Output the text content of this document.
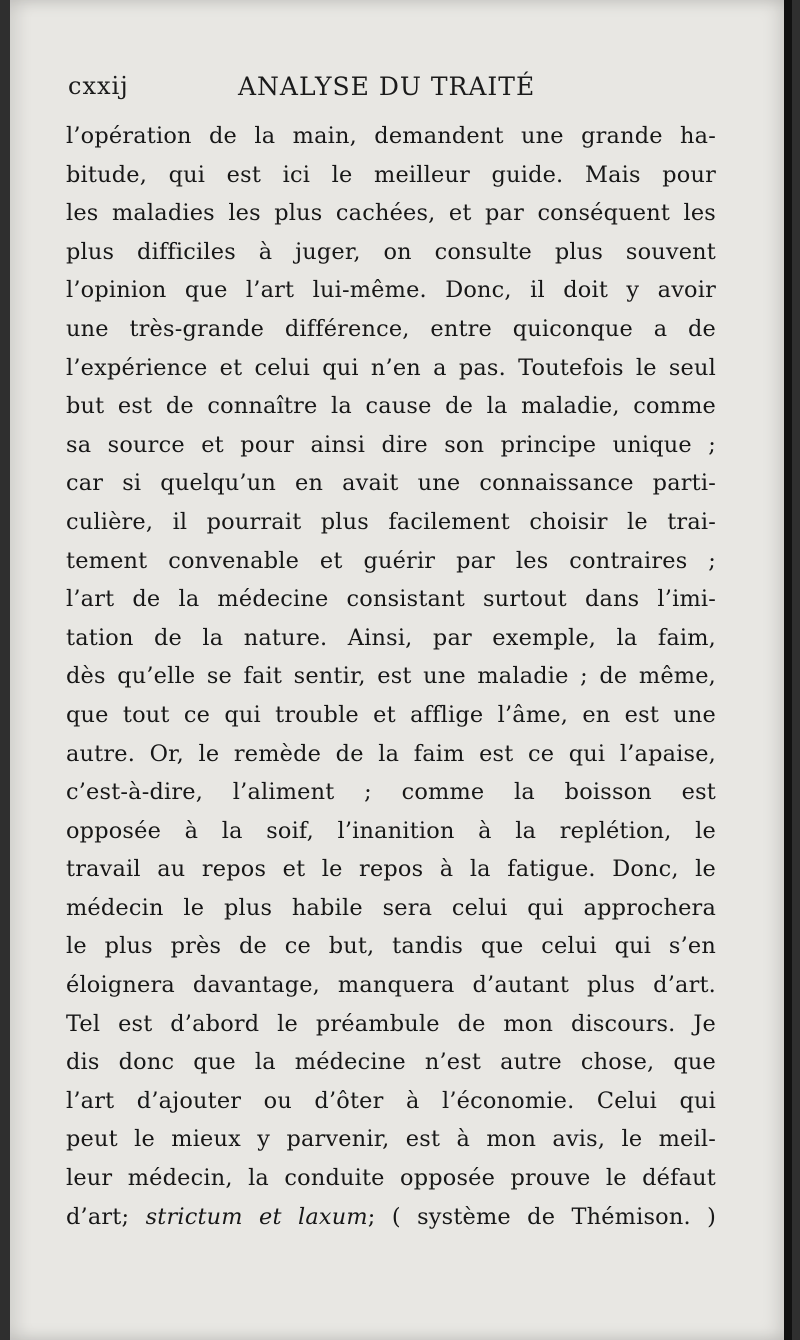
cxxij	ANALYSE DU TRAITÉ
l’opération de la main, demandent une grande ha-
bitude, qui est ici le meilleur guide. Mais pour
les maladies les plus cachées, et par conséquent les
plus difficiles à juger, on consulte plus souvent
l’opinion que l’art lui-même. Donc, il doit y avoir
une très-grande différence, entre quiconque a de
l’expérience et celui qui n’en a pas. Toutefois le seul
but est de connaître la cause de la maladie, comme
sa source et pour ainsi dire son principe unique ;
car si quelqu’un en avait une connaissance parti-
culière, il pourrait plus facilement choisir le trai-
tement convenable et guérir par les contraires ;
l’art de la médecine consistant surtout dans l’imi-
tation de la nature. Ainsi, par exemple, la faim,
dès qu’elle se fait sentir, est une maladie ; de même,
que tout ce qui trouble et afflige l’âme, en est une
autre. Or, le remède de la faim est ce qui l’apaise,
c’est-à-dire, l’aliment ; comme la boisson est
opposée à la soif, l’inanition à la replétion, le
travail au repos et le repos à la fatigue. Donc, le
médecin le plus habile sera celui qui approchera
le plus près de ce but, tandis que celui qui s’en
éloignera davantage, manquera d’autant plus d’art.
Tel est d’abord le préambule de mon discours. Je
dis donc que la médecine n’est autre chose, que
l’art d’ajouter ou d’ôter à l’économie. Celui qui
peut le mieux y parvenir, est à mon avis, le meil-
leur médecin, la conduite opposée prouve le défaut
d’art; strictum et laxum; ( système de Thémison. )
